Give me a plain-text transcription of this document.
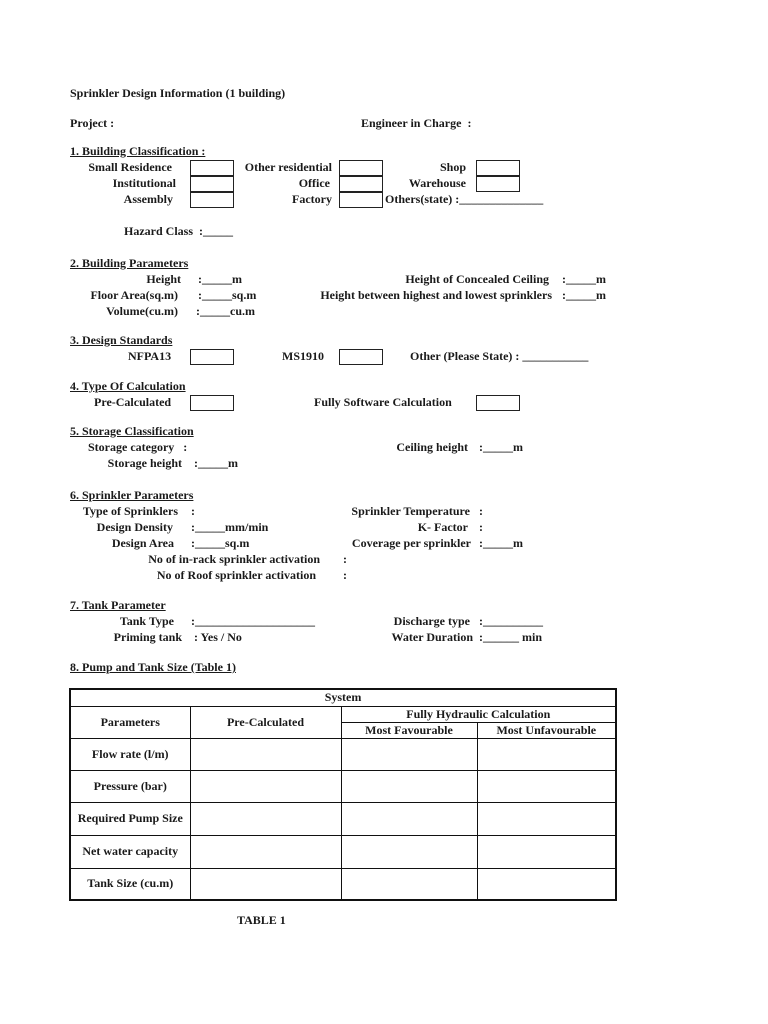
Sprinkler Design Information (1 building)
Project :	Engineer in Charge  :
1. Building Classification :
Small Residence	Other residential	Shop
Institutional	Office	Warehouse
Assembly	Factory	Others(state) :______________
Hazard Class  :_____
2. Building Parameters
Height :_____m
Floor Area(sq.m) :_____sq.m
Volume(cu.m) :_____cu.m
Height of Concealed Ceiling :_____m
Height between highest and lowest sprinklers :_____m
3. Design Standards
NFPA13	MS1910	Other (Please State) : ___________
4. Type Of Calculation
Pre-Calculated	Fully Software Calculation
5. Storage Classification
Storage category   :
Storage height :_____m
Ceiling height :_____m
6. Sprinkler Parameters
Type of Sprinklers :
Design Density :_____mm/min
Design Area :_____sq.m
No of in-rack sprinkler activation :
No of Roof sprinkler activation :
Sprinkler Temperature :
K- Factor :
Coverage per sprinkler :_____m
7. Tank Parameter
Tank Type :____________________
Priming tank : Yes / No
Discharge type :__________
Water Duration :______ min
8. Pump and Tank Size (Table 1)
System			
Parameters	Pre-Calculated	Fully Hydraulic Calculation	
		Most Favourable	Most Unfavourable
Flow rate (l/m)			
Pressure (bar)			
Required Pump Size			
Net water capacity			
Tank Size (cu.m)			
TABLE 1
